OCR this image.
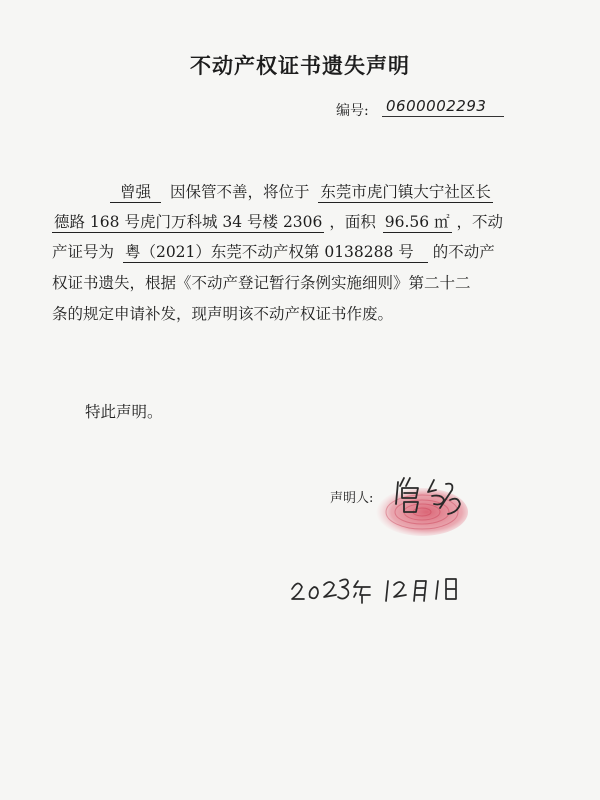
不动产权证书遗失声明
编号: 0600002293
曾强 因保管不善，将位于 东莞市虎门镇大宁社区长
德路 168 号虎门万科城 34 号楼 2306 ，面积 96.56 ㎡ ，不动
产证号为 粤（2021）东莞不动产权第 0138288 号 的不动产
权证书遗失，根据《不动产登记暂行条例实施细则》第二十二
条的规定申请补发，现声明该不动产权证书作废。
特此声明。
声明人:
